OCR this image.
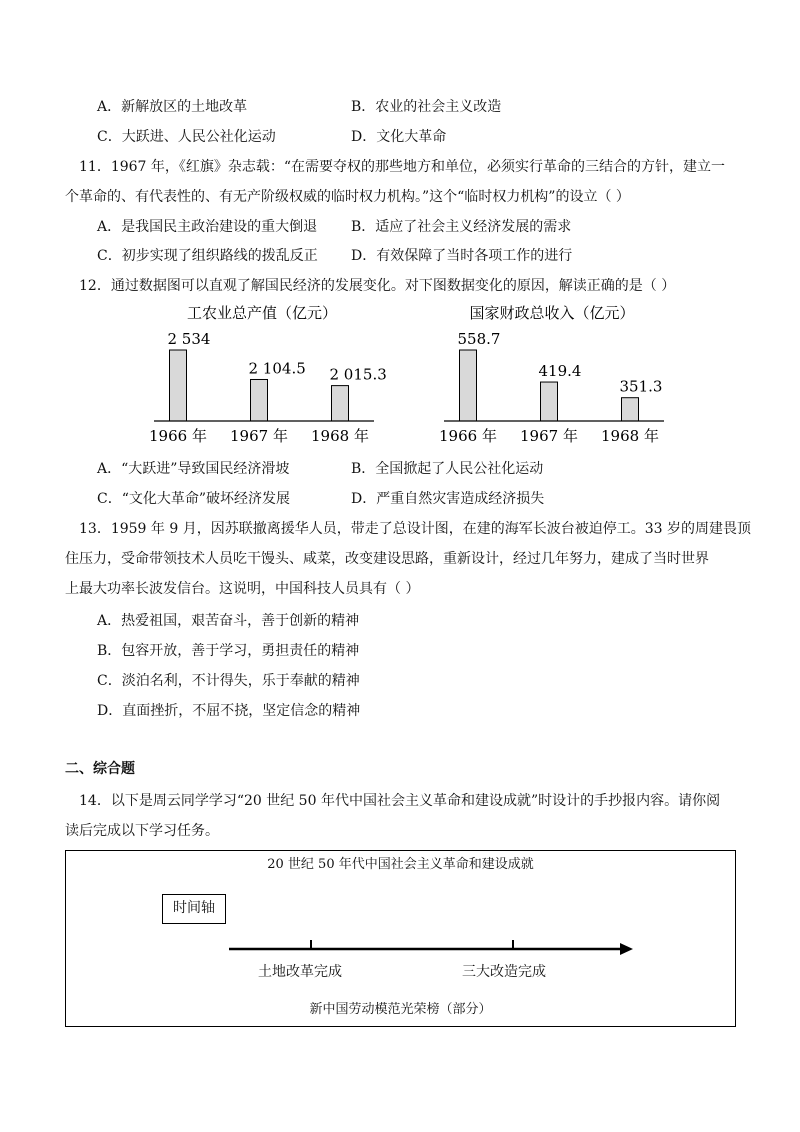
A．新解放区的土地改革	B．农业的社会主义改造
C．大跃进、人民公社化运动	D．文化大革命
11．1967 年，《红旗》杂志载：“在需要夺权的那些地方和单位，必须实行革命的三结合的方针，建立一
个革命的、有代表性的、有无产阶级权威的临时权力机构。”这个“临时权力机构”的设立（ ）
A．是我国民主政治建设的重大倒退 B．适应了社会主义经济发展的需求
C．初步实现了组织路线的拨乱反正 D．有效保障了当时各项工作的进行
12．通过数据图可以直观了解国民经济的发展变化。对下图数据变化的原因，解读正确的是（ ）
工农业总产值（亿元）
2 534
1966 年
2 104.5
1967 年
2 015.3
1968 年
国家财政总收入（亿元）
558.7
1966 年
419.4
1967 年
351.3
1968 年
A．“大跃进”导致国民经济滑坡	B．全国掀起了人民公社化运动
C．“文化大革命”破坏经济发展	D．严重自然灾害造成经济损失
13．1959 年 9 月，因苏联撤离援华人员，带走了总设计图，在建的海军长波台被迫停工。33 岁的周建畏顶
住压力，受命带领技术人员吃干馒头、咸菜，改变建设思路，重新设计，经过几年努力，建成了当时世界
上最大功率长波发信台。这说明，中国科技人员具有（ ）
A．热爱祖国，艰苦奋斗，善于创新的精神
B．包容开放，善于学习，勇担责任的精神
C．淡泊名利，不计得失，乐于奉献的精神
D．直面挫折，不屈不挠，坚定信念的精神
二、综合题
14．以下是周云同学学习“20 世纪 50 年代中国社会主义革命和建设成就”时设计的手抄报内容。请你阅
读后完成以下学习任务。
20 世纪 50 年代中国社会主义革命和建设成就
时间轴
土地改革完成	三大改造完成
新中国劳动模范光荣榜（部分）
